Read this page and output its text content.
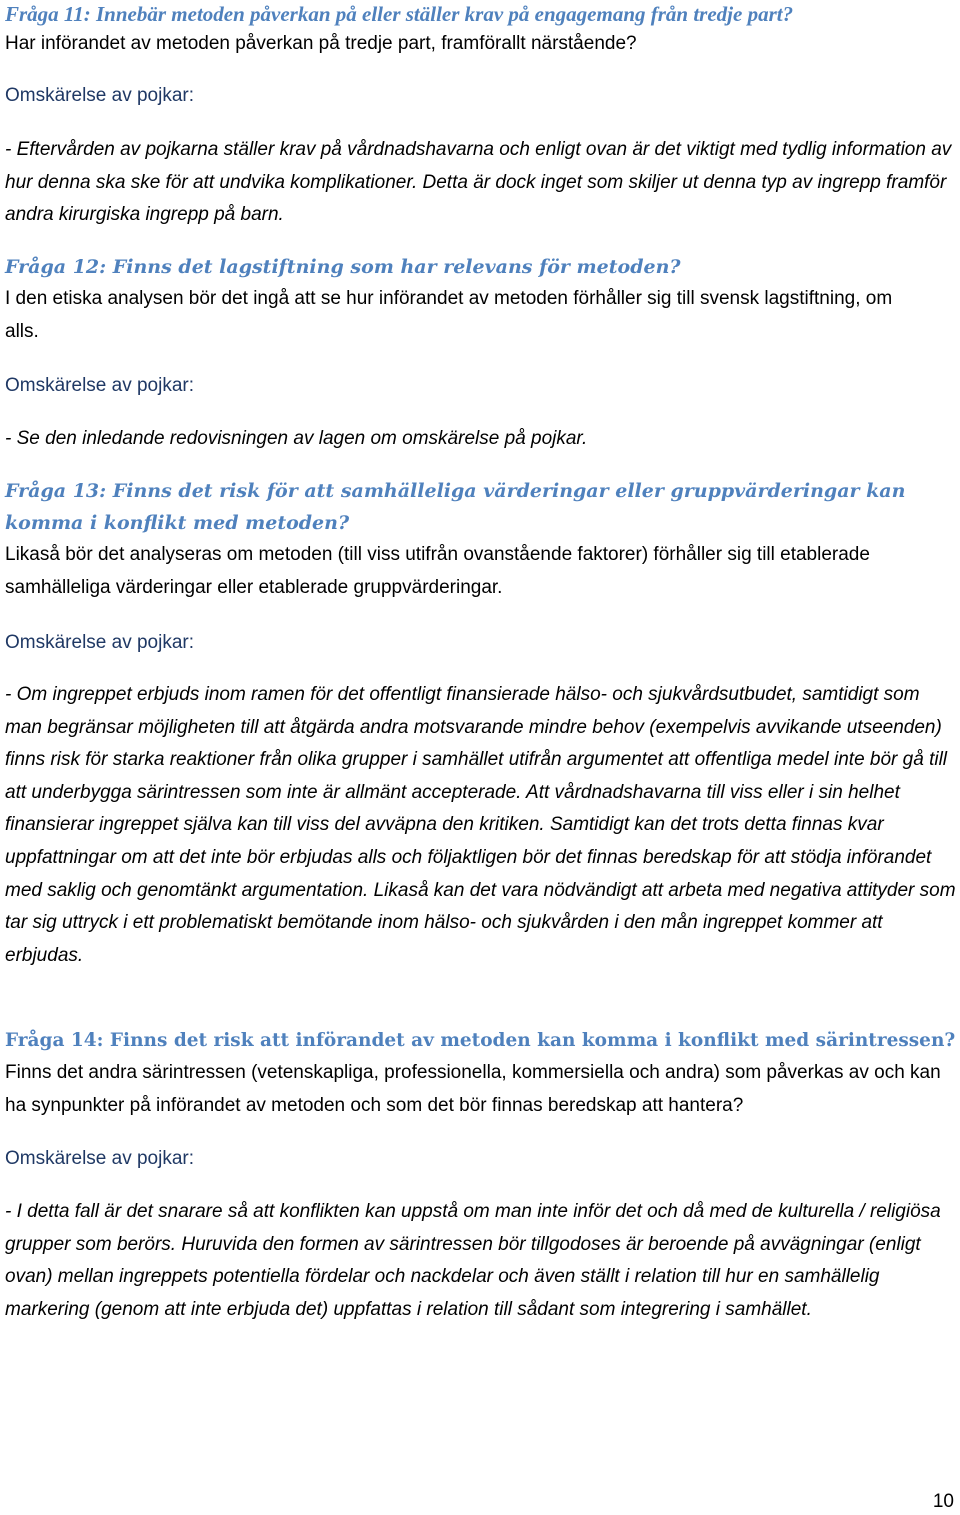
Fråga 11: Innebär metoden påverkan på eller ställer krav på engagemang från tredje part?

Har införandet av metoden påverkan på tredje part, framförallt närstående?

Omskärelse av pojkar:

- Eftervården av pojkarna ställer krav på vårdnadshavarna och enligt ovan är det viktigt med tydlig information av hur denna ska ske för att undvika komplikationer. Detta är dock inget som skiljer ut denna typ av ingrepp framför andra kirurgiska ingrepp på barn.

Fråga 12: Finns det lagstiftning som har relevans för metoden?

I den etiska analysen bör det ingå att se hur införandet av metoden förhåller sig till svensk lagstiftning, om alls.

Omskärelse av pojkar:

- Se den inledande redovisningen av lagen om omskärelse på pojkar.

Fråga 13: Finns det risk för att samhälleliga värderingar eller gruppvärderingar kan komma i konflikt med metoden?

Likaså bör det analyseras om metoden (till viss utifrån ovanstående faktorer) förhåller sig till etablerade samhälleliga värderingar eller etablerade gruppvärderingar.

Omskärelse av pojkar:

- Om ingreppet erbjuds inom ramen för det offentligt finansierade hälso- och sjukvårdsutbudet, samtidigt som man begränsar möjligheten till att åtgärda andra motsvarande mindre behov (exempelvis avvikande utseenden) finns risk för starka reaktioner från olika grupper i samhället utifrån argumentet att offentliga medel inte bör gå till att underbygga särintressen som inte är allmänt accepterade. Att vårdnadshavarna till viss eller i sin helhet finansierar ingreppet själva kan till viss del avväpna den kritiken. Samtidigt kan det trots detta finnas kvar uppfattningar om att det inte bör erbjudas alls och följaktligen bör det finnas beredskap för att stödja införandet med saklig och genomtänkt argumentation. Likaså kan det vara nödvändigt att arbeta med negativa attityder som tar sig uttryck i ett problematiskt bemötande inom hälso- och sjukvården i den mån ingreppet kommer att erbjudas.

Fråga 14: Finns det risk att införandet av metoden kan komma i konflikt med särintressen?

Finns det andra särintressen (vetenskapliga, professionella, kommersiella och andra) som påverkas av och kan ha synpunkter på införandet av metoden och som det bör finnas beredskap att hantera?

Omskärelse av pojkar:

- I detta fall är det snarare så att konflikten kan uppstå om man inte inför det och då med de kulturella / religiösa grupper som berörs. Huruvida den formen av särintressen bör tillgodoses är beroende på avvägningar (enligt ovan) mellan ingreppets potentiella fördelar och nackdelar och även ställt i relation till hur en samhällelig markering (genom att inte erbjuda det) uppfattas i relation till sådant som integrering i samhället.

10
